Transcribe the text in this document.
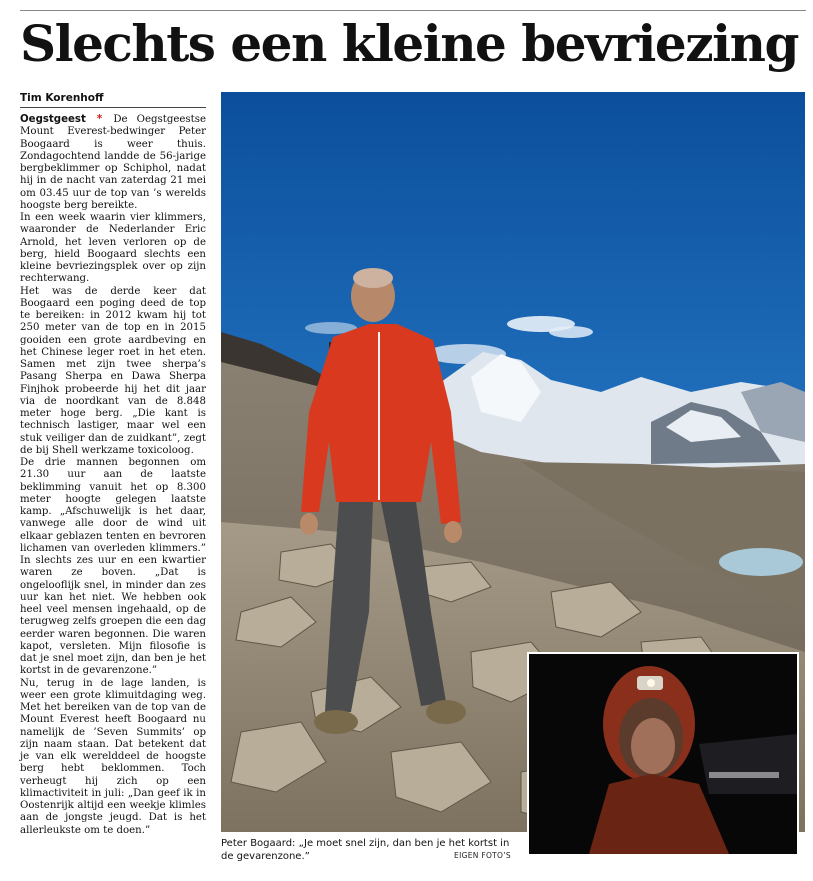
Slechts een kleine bevriezing
Tim Korenhoff

Oegstgeest * De Oegstgeestse Mount Everest-bedwinger Peter Boogaard is weer thuis. Zondagochtend landde de 56-jarige bergbeklimmer op Schiphol, nadat hij in de nacht van zaterdag 21 mei om 03.45 uur de top van ’s werelds hoogste berg bereikte.

In een week waarin vier klimmers, waaronder de Nederlander Eric Arnold, het leven verloren op de berg, hield Boogaard slechts een kleine bevriezingsplek over op zijn rechterwang.

Het was de derde keer dat Boogaard een poging deed de top te bereiken: in 2012 kwam hij tot 250 meter van de top en in 2015 gooiden een grote aardbeving en het Chinese leger roet in het eten. Samen met zijn twee sherpa’s Pasang Sherpa en Dawa Sherpa Finjhok probeerde hij het dit jaar via de noordkant van de 8.848 meter hoge berg. „Die kant is technisch lastiger, maar wel een stuk veiliger dan de zuidkant”, zegt de bij Shell werkzame toxicoloog.

De drie mannen begonnen om 21.30 uur aan de laatste beklimming vanuit het op 8.300 meter hoogte gelegen laatste kamp. „Afschuwelijk is het daar, vanwege alle door de wind uit elkaar geblazen tenten en bevroren lichamen van overleden klimmers.” In slechts zes uur en een kwartier waren ze boven. „Dat is ongelooflijk snel, in minder dan zes uur kan het niet. We hebben ook heel veel mensen ingehaald, op de terugweg zelfs groepen die een dag eerder waren begonnen. Die waren kapot, versleten. Mijn filosofie is dat je snel moet zijn, dan ben je het kortst in de gevarenzone.”

Nu, terug in de lage landen, is weer een grote klimuitdaging weg. Met het bereiken van de top van de Mount Everest heeft Boogaard nu namelijk de ’Seven Summits’ op zijn naam staan. Dat betekent dat je van elk werelddeel de hoogste berg hebt beklommen. Toch verheugt hij zich op een klimactiviteit in juli: „Dan geef ik in Oostenrijk altijd een weekje klimles aan de jongste jeugd. Dat is het allerleukste om te doen.”

Peter Bogaard: „Je moet snel zijn, dan ben je het kortst in de gevarenzone.”	EIGEN FOTO’S
